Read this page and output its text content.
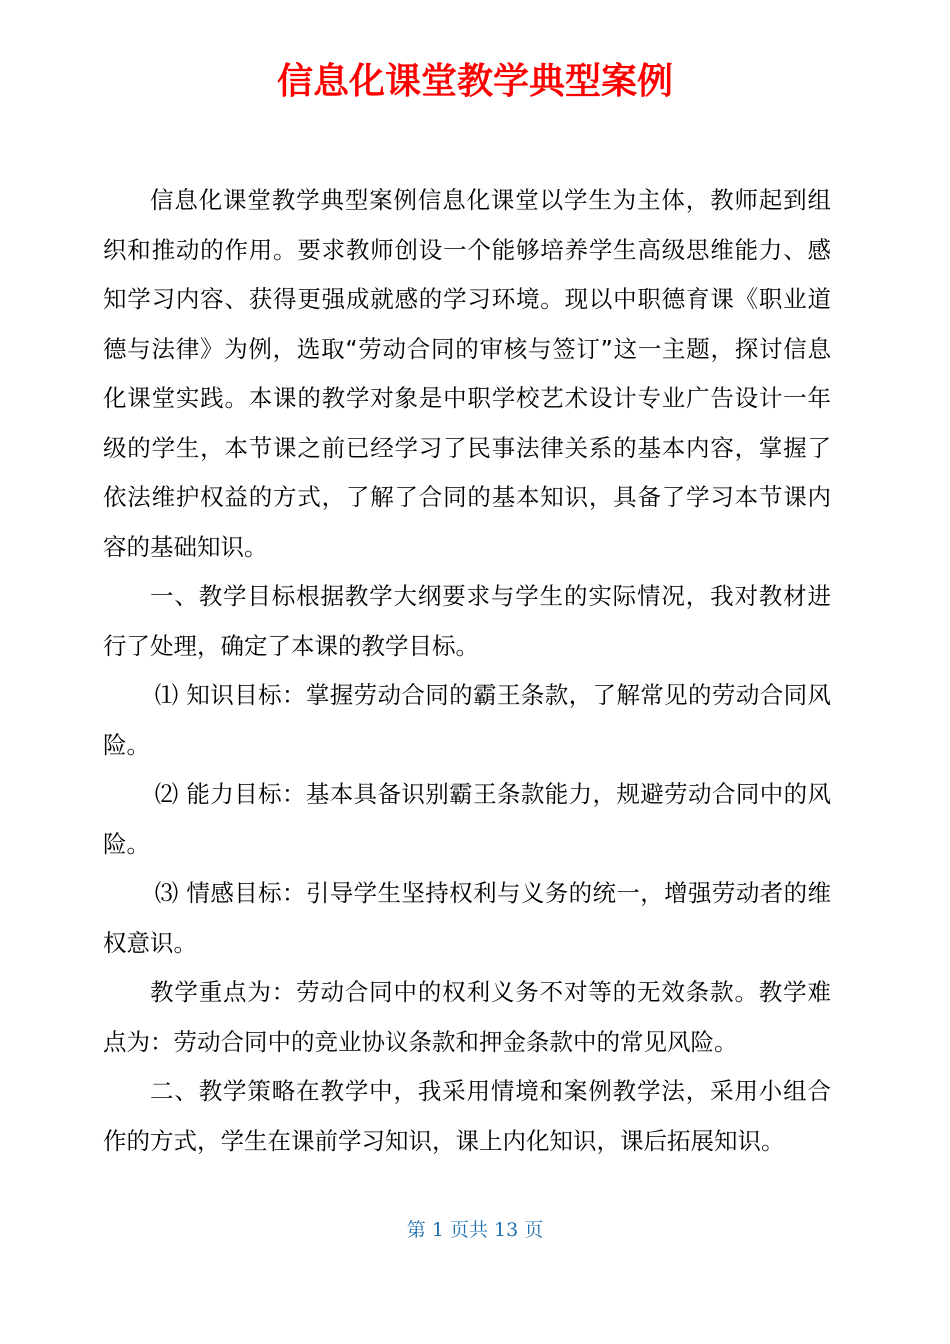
信息化课堂教学典型案例

信息化课堂教学典型案例信息化课堂以学生为主体，教师起到组织和推动的作用。要求教师创设一个能够培养学生高级思维能力、感知学习内容、获得更强成就感的学习环境。现以中职德育课《职业道德与法律》为例，选取“劳动合同的审核与签订”这一主题，探讨信息化课堂实践。本课的教学对象是中职学校艺术设计专业广告设计一年级的学生，本节课之前已经学习了民事法律关系的基本内容，掌握了依法维护权益的方式，了解了合同的基本知识，具备了学习本节课内容的基础知识。

一、教学目标根据教学大纲要求与学生的实际情况，我对教材进行了处理，确定了本课的教学目标。

⑴ 知识目标：掌握劳动合同的霸王条款，了解常见的劳动合同风险。

⑵ 能力目标：基本具备识别霸王条款能力，规避劳动合同中的风险。

⑶ 情感目标：引导学生坚持权利与义务的统一，增强劳动者的维权意识。

教学重点为：劳动合同中的权利义务不对等的无效条款。教学难点为：劳动合同中的竞业协议条款和押金条款中的常见风险。

二、教学策略在教学中，我采用情境和案例教学法，采用小组合作的方式，学生在课前学习知识，课上内化知识，课后拓展知识。

第 1 页共 13 页
